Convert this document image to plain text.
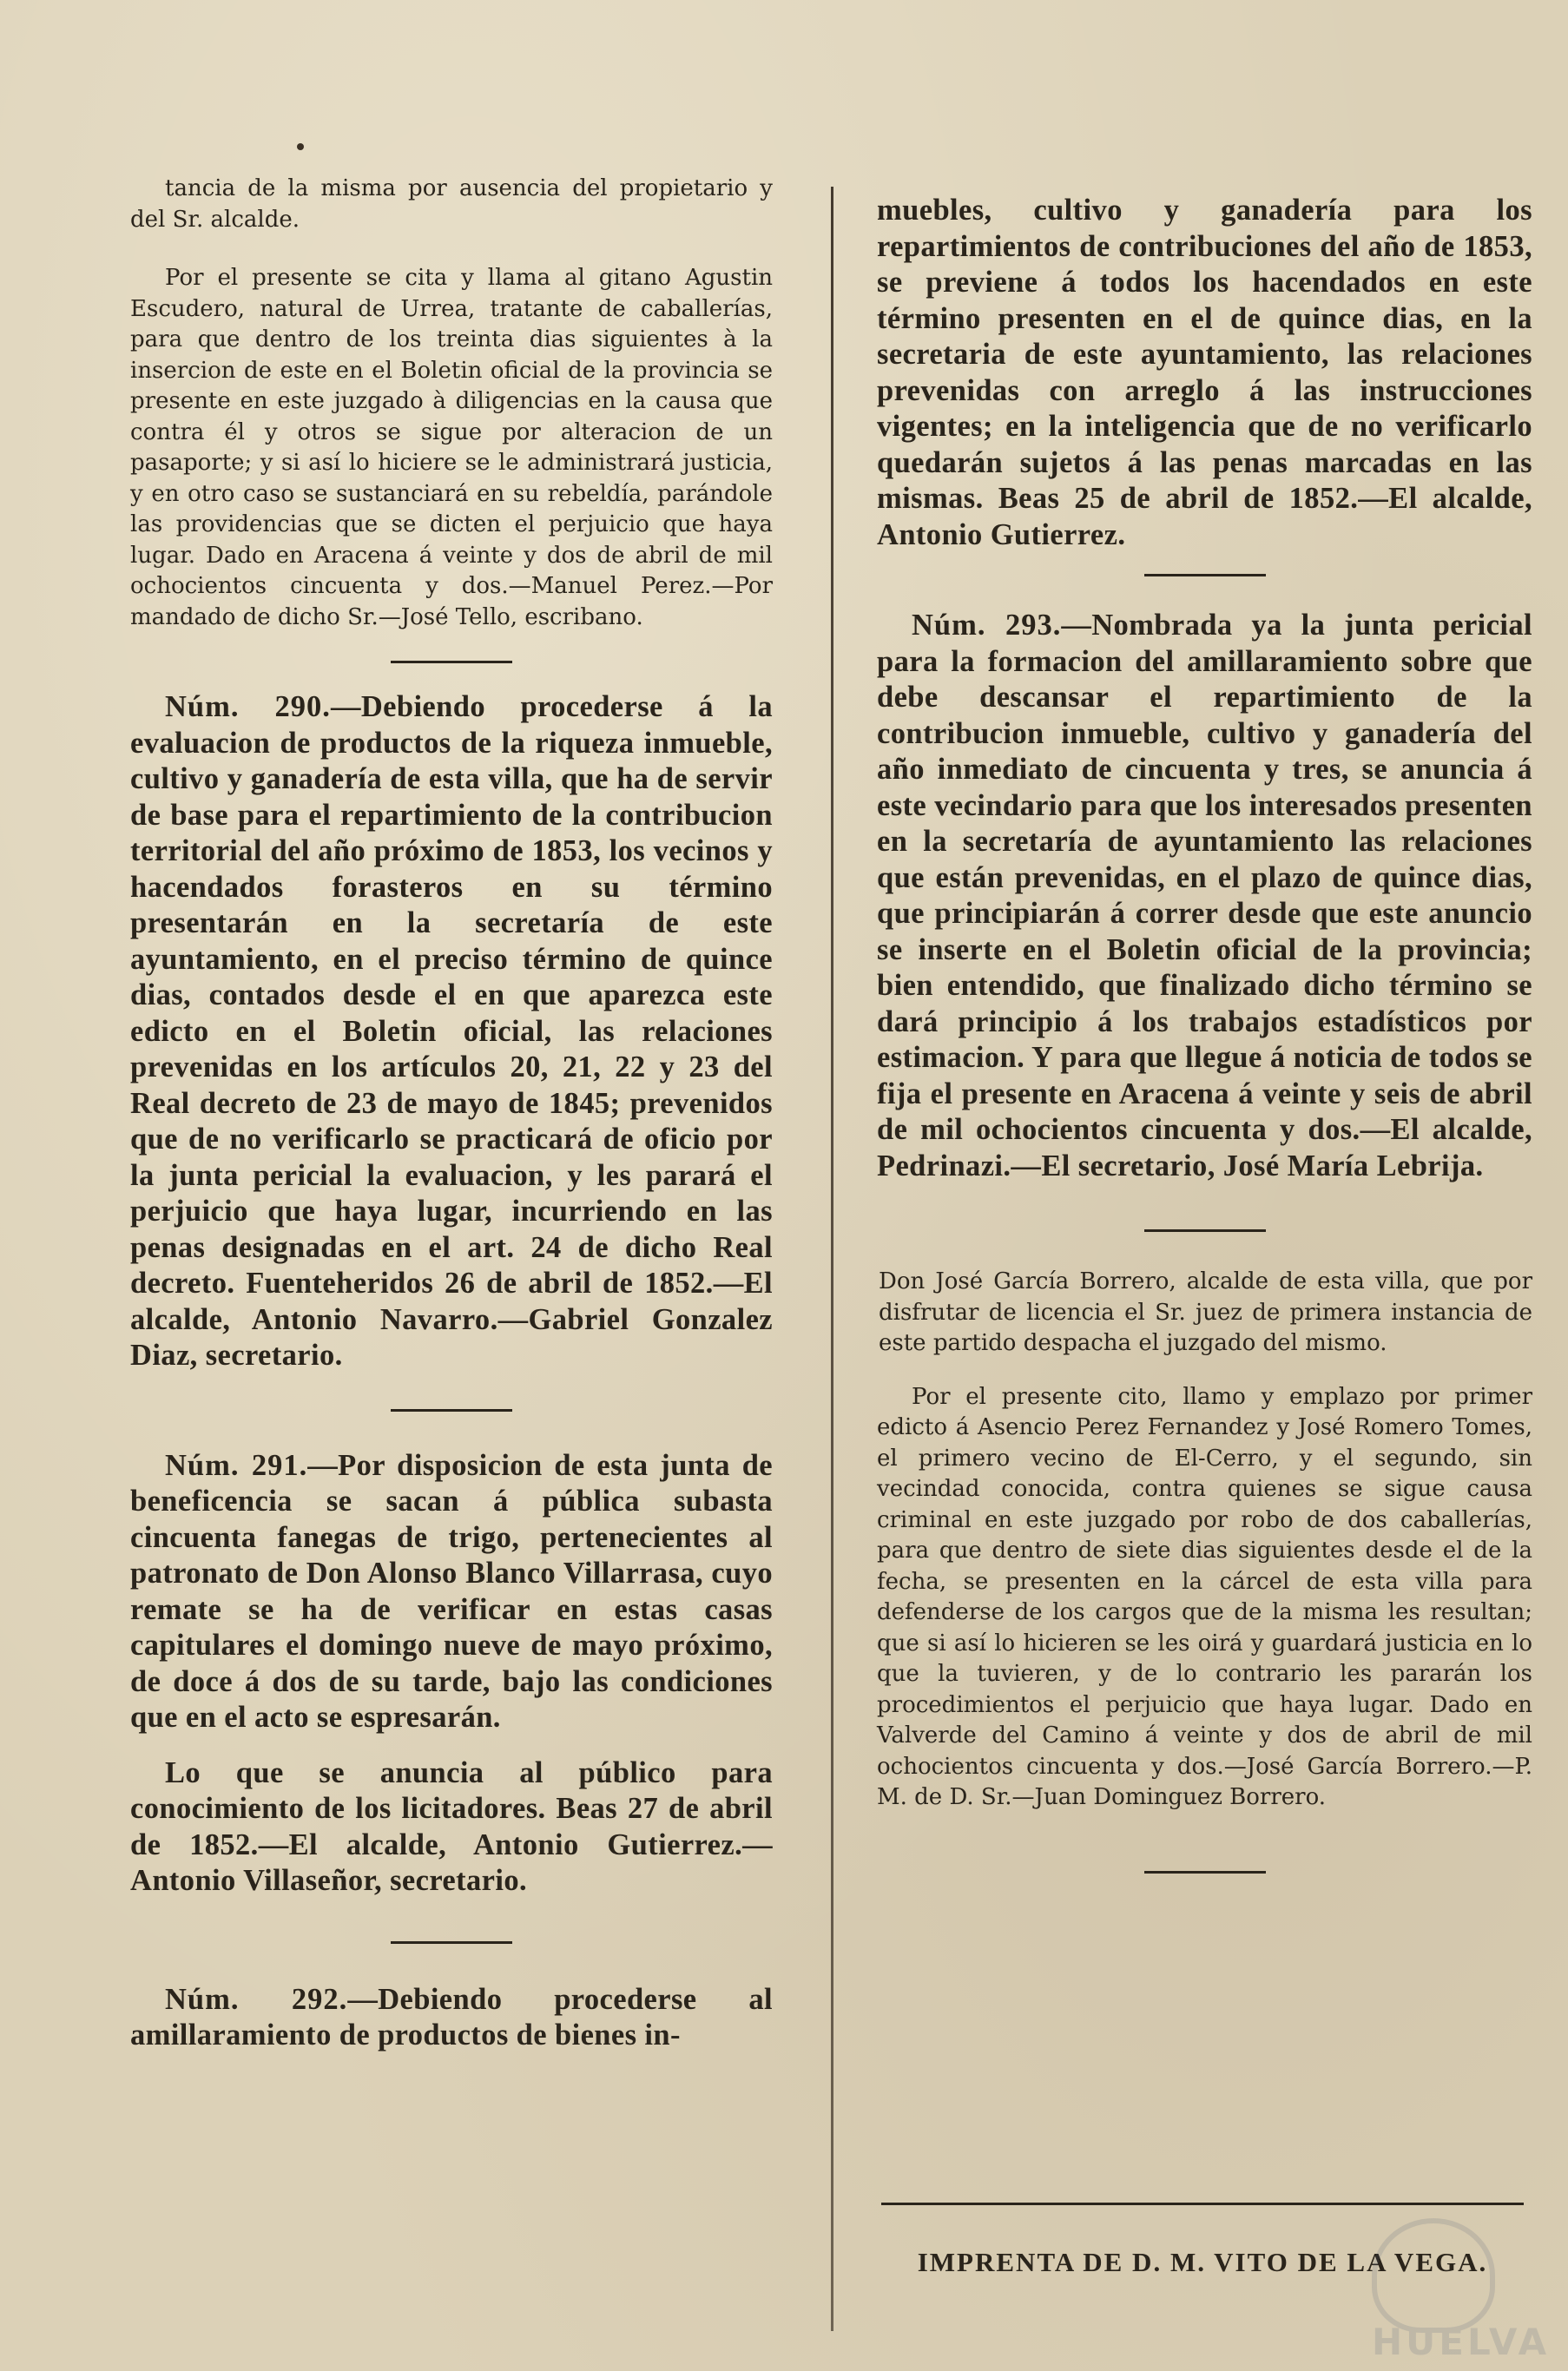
tancia de la misma por ausencia del propietario y del Sr. alcalde.

Por el presente se cita y llama al gitano Agustin Escudero, natural de Urrea, tratante de caballerías, para que dentro de los treinta dias siguientes à la insercion de este en el Boletin oficial de la provincia se presente en este juzgado à diligencias en la causa que contra él y otros se sigue por alteracion de un pasaporte; y si así lo hiciere se le administrará justicia, y en otro caso se sustanciará en su rebeldía, parándole las providencias que se dicten el perjuicio que haya lugar. Dado en Aracena á veinte y dos de abril de mil ochocientos cincuenta y dos.—Manuel Perez.—Por mandado de dicho Sr.—José Tello, escribano.

Núm. 290.—Debiendo procederse á la evaluacion de productos de la riqueza inmueble, cultivo y ganadería de esta villa, que ha de servir de base para el repartimiento de la contribucion territorial del año próximo de 1853, los vecinos y hacendados forasteros en su término presentarán en la secretaría de este ayuntamiento, en el preciso término de quince dias, contados desde el en que aparezca este edicto en el Boletin oficial, las relaciones prevenidas en los artículos 20, 21, 22 y 23 del Real decreto de 23 de mayo de 1845; prevenidos que de no verificarlo se practicará de oficio por la junta pericial la evaluacion, y les parará el perjuicio que haya lugar, incurriendo en las penas designadas en el art. 24 de dicho Real decreto. Fuenteheridos 26 de abril de 1852.—El alcalde, Antonio Navarro.—Gabriel Gonzalez Diaz, secretario.

Núm. 291.—Por disposicion de esta junta de beneficencia se sacan á pública subasta cincuenta fanegas de trigo, pertenecientes al patronato de Don Alonso Blanco Villarrasa, cuyo remate se ha de verificar en estas casas capitulares el domingo nueve de mayo próximo, de doce á dos de su tarde, bajo las condiciones que en el acto se espresarán.

Lo que se anuncia al público para conocimiento de los licitadores. Beas 27 de abril de 1852.—El alcalde, Antonio Gutierrez.—Antonio Villaseñor, secretario.

Núm. 292.—Debiendo procederse al amillaramiento de productos de bienes in-

muebles, cultivo y ganadería para los repartimientos de contribuciones del año de 1853, se previene á todos los hacendados en este término presenten en el de quince dias, en la secretaria de este ayuntamiento, las relaciones prevenidas con arreglo á las instrucciones vigentes; en la inteligencia que de no verificarlo quedarán sujetos á las penas marcadas en las mismas. Beas 25 de abril de 1852.—El alcalde, Antonio Gutierrez.

Núm. 293.—Nombrada ya la junta pericial para la formacion del amillaramiento sobre que debe descansar el repartimiento de la contribucion inmueble, cultivo y ganadería del año inmediato de cincuenta y tres, se anuncia á este vecindario para que los interesados presenten en la secretaría de ayuntamiento las relaciones que están prevenidas, en el plazo de quince dias, que principiarán á correr desde que este anuncio se inserte en el Boletin oficial de la provincia; bien entendido, que finalizado dicho término se dará principio á los trabajos estadísticos por estimacion. Y para que llegue á noticia de todos se fija el presente en Aracena á veinte y seis de abril de mil ochocientos cincuenta y dos.—El alcalde, Pedrinazi.—El secretario, José María Lebrija.

Don José García Borrero, alcalde de esta villa, que por disfrutar de licencia el Sr. juez de primera instancia de este partido despacha el juzgado del mismo.

Por el presente cito, llamo y emplazo por primer edicto á Asencio Perez Fernandez y José Romero Tomes, el primero vecino de El-Cerro, y el segundo, sin vecindad conocida, contra quienes se sigue causa criminal en este juzgado por robo de dos caballerías, para que dentro de siete dias siguientes desde el de la fecha, se presenten en la cárcel de esta villa para defenderse de los cargos que de la misma les resultan; que si así lo hicieren se les oirá y guardará justicia en lo que la tuvieren, y de lo contrario les pararán los procedimientos el perjuicio que haya lugar. Dado en Valverde del Camino á veinte y dos de abril de mil ochocientos cincuenta y dos.—José García Borrero.—P. M. de D. Sr.—Juan Dominguez Borrero.

IMPRENTA DE D. M. VITO DE LA VEGA.
HUELVA
